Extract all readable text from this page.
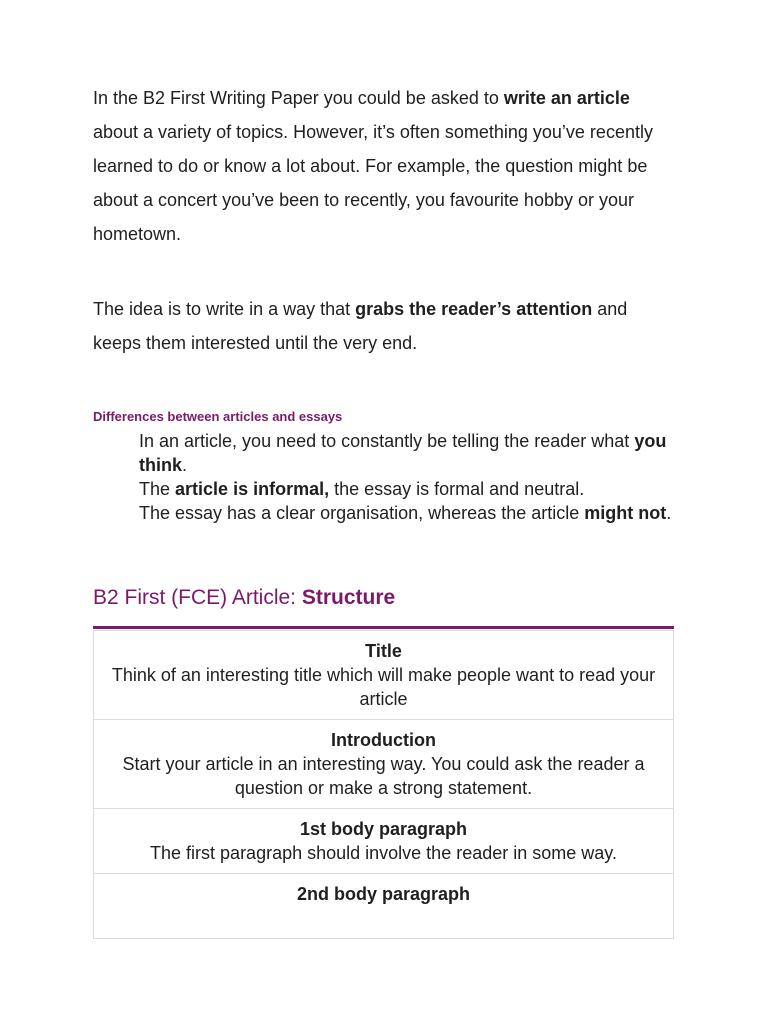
In the B2 First Writing Paper you could be asked to write an article about a variety of topics. However, it’s often something you’ve recently learned to do or know a lot about. For example, the question might be about a concert you’ve been to recently, you favourite hobby or your hometown.

The idea is to write in a way that grabs the reader’s attention and keeps them interested until the very end.

Differences between articles and essays
In an article, you need to constantly be telling the reader what you think.
The article is informal, the essay is formal and neutral.
The essay has a clear organisation, whereas the article might not.
B2 First (FCE) Article: Structure
Title
Think of an interesting title which will make people want to read your article

Introduction
Start your article in an interesting way. You could ask the reader a question or make a strong statement.

1st body paragraph
The first paragraph should involve the reader in some way.

2nd body paragraph
